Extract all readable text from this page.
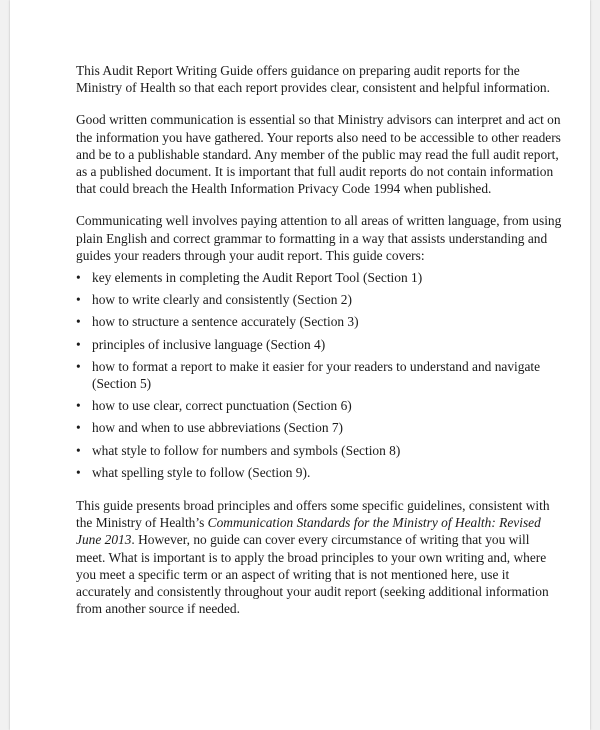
This Audit Report Writing Guide offers guidance on preparing audit reports for the Ministry of Health so that each report provides clear, consistent and helpful information.

Good written communication is essential so that Ministry advisors can interpret and act on the information you have gathered. Your reports also need to be accessible to other readers and be to a publishable standard. Any member of the public may read the full audit report, as a published document. It is important that full audit reports do not contain information that could breach the Health Information Privacy Code 1994 when published.

Communicating well involves paying attention to all areas of written language, from using plain English and correct grammar to formatting in a way that assists understanding and guides your readers through your audit report. This guide covers:

• key elements in completing the Audit Report Tool (Section 1)
• how to write clearly and consistently (Section 2)
• how to structure a sentence accurately (Section 3)
• principles of inclusive language (Section 4)
• how to format a report to make it easier for your readers to understand and navigate (Section 5)
• how to use clear, correct punctuation (Section 6)
• how and when to use abbreviations (Section 7)
• what style to follow for numbers and symbols (Section 8)
• what spelling style to follow (Section 9).

This guide presents broad principles and offers some specific guidelines, consistent with the Ministry of Health’s Communication Standards for the Ministry of Health: Revised June 2013. However, no guide can cover every circumstance of writing that you will meet. What is important is to apply the broad principles to your own writing and, where you meet a specific term or an aspect of writing that is not mentioned here, use it accurately and consistently throughout your audit report (seeking additional information from another source if needed.
